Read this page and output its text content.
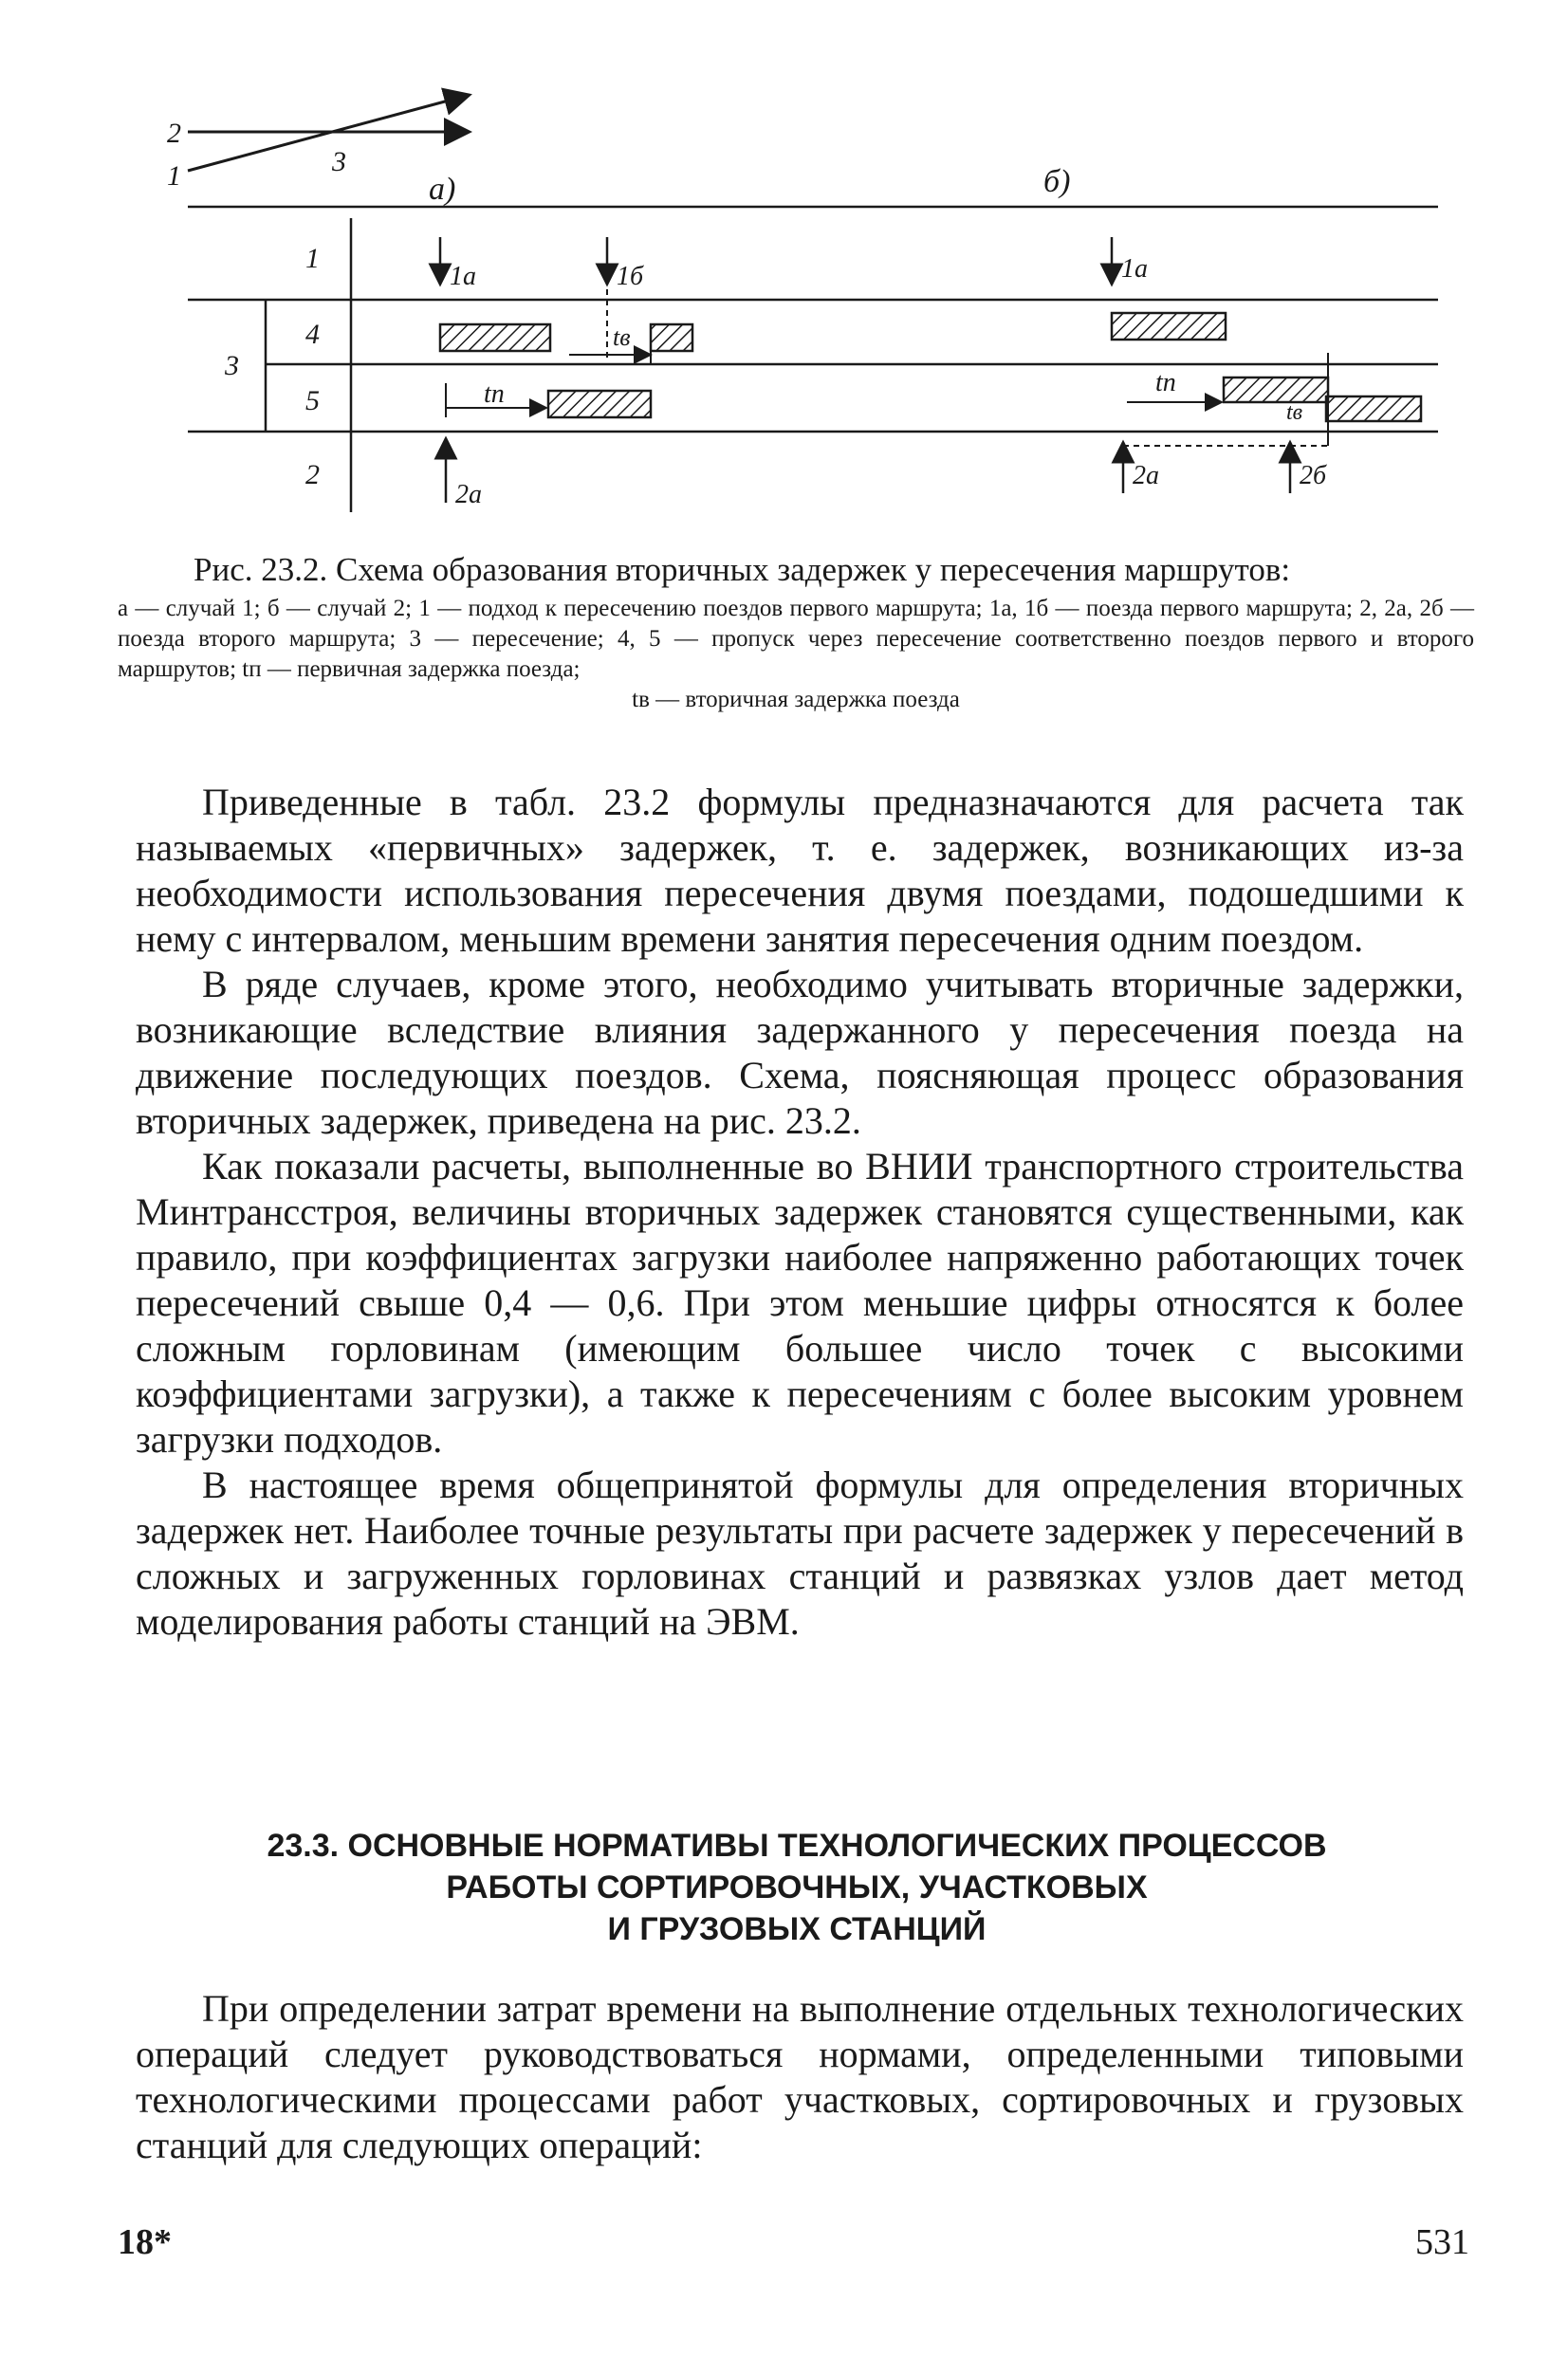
2
1	3
а)	б)
1
4
3
5
2
1а	1б
tв
tп
2а
1а
tп
tв
2а	2б
Рис. 23.2. Схема образования вторичных задержек у пересечения маршрутов:

а — случай 1; б — случай 2; 1 — подход к пересечению поездов первого маршрута; 1а, 1б — поезда первого маршрута; 2, 2а, 2б — поезда второго маршрута; 3 — пересечение; 4, 5 — пропуск через пересечение соответственно поездов первого и второго маршрутов; tп — первичная задержка поезда;

tв — вторичная задержка поезда

Приведенные в табл. 23.2 формулы предназначаются для расчета так называемых «первичных» задержек, т. е. задержек, возникающих из-за необходимости использования пересечения двумя поездами, подошедшими к нему с интервалом, меньшим времени занятия пересечения одним поездом.

В ряде случаев, кроме этого, необходимо учитывать вторичные задержки, возникающие вследствие влияния задержанного у пересечения поезда на движение последующих поездов. Схема, поясняющая процесс образования вторичных задержек, приведена на рис. 23.2.

Как показали расчеты, выполненные во ВНИИ транспортного строительства Минтрансстроя, величины вторичных задержек становятся существенными, как правило, при коэффициентах загрузки наиболее напряженно работающих точек пересечений свыше 0,4 — 0,6. При этом меньшие цифры относятся к более сложным горловинам (имеющим большее число точек с высокими коэффициентами загрузки), а также к пересечениям с более высоким уровнем загрузки подходов.

В настоящее время общепринятой формулы для определения вторичных задержек нет. Наиболее точные результаты при расчете задержек у пересечений в сложных и загруженных горловинах станций и развязках узлов дает метод моделирования работы станций на ЭВМ.

23.3. ОСНОВНЫЕ НОРМАТИВЫ ТЕХНОЛОГИЧЕСКИХ ПРОЦЕССОВ
РАБОТЫ СОРТИРОВОЧНЫХ, УЧАСТКОВЫХ
И ГРУЗОВЫХ СТАНЦИЙ

При определении затрат времени на выполнение отдельных технологических операций следует руководствоваться нормами, определенными типовыми технологическими процессами работ участковых, сортировочных и грузовых станций для следующих операций:

18*	531
